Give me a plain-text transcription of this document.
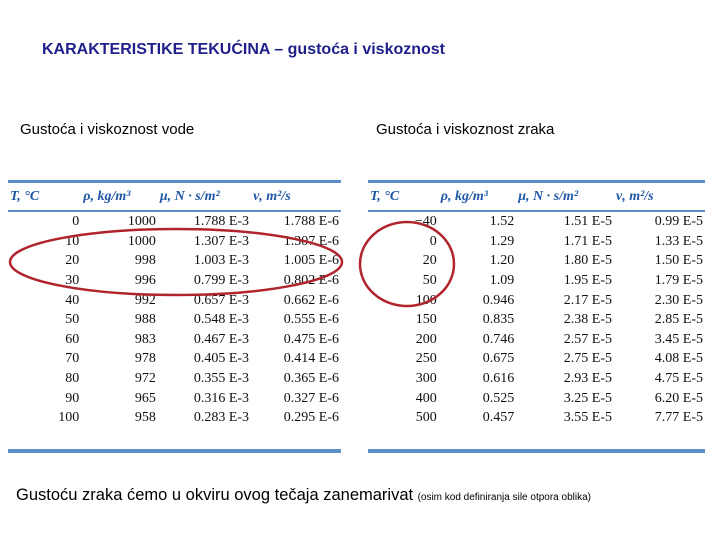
KARAKTERISTIKE TEKUĆINA – gustoća i viskoznost
Gustoća i viskoznost vode	Gustoća i viskoznost zraka
T, °C	ρ, kg/m³	μ, N · s/m²	ν, m²/s
0	1000	1.788 E-3	1.788 E-6
10	1000	1.307 E-3	1.307 E-6
20	998	1.003 E-3	1.005 E-6
30	996	0.799 E-3	0.802 E-6
40	992	0.657 E-3	0.662 E-6
50	988	0.548 E-3	0.555 E-6
60	983	0.467 E-3	0.475 E-6
70	978	0.405 E-3	0.414 E-6
80	972	0.355 E-3	0.365 E-6
90	965	0.316 E-3	0.327 E-6
100	958	0.283 E-3	0.295 E-6
T, °C	ρ, kg/m³	μ, N · s/m²	ν, m²/s
−40	1.52	1.51 E-5	0.99 E-5
0	1.29	1.71 E-5	1.33 E-5
20	1.20	1.80 E-5	1.50 E-5
50	1.09	1.95 E-5	1.79 E-5
100	0.946	2.17 E-5	2.30 E-5
150	0.835	2.38 E-5	2.85 E-5
200	0.746	2.57 E-5	3.45 E-5
250	0.675	2.75 E-5	4.08 E-5
300	0.616	2.93 E-5	4.75 E-5
400	0.525	3.25 E-5	6.20 E-5
500	0.457	3.55 E-5	7.77 E-5
Gustoću zraka ćemo u okviru ovog tečaja zanemarivat (osim kod definiranja sile otpora oblika)
